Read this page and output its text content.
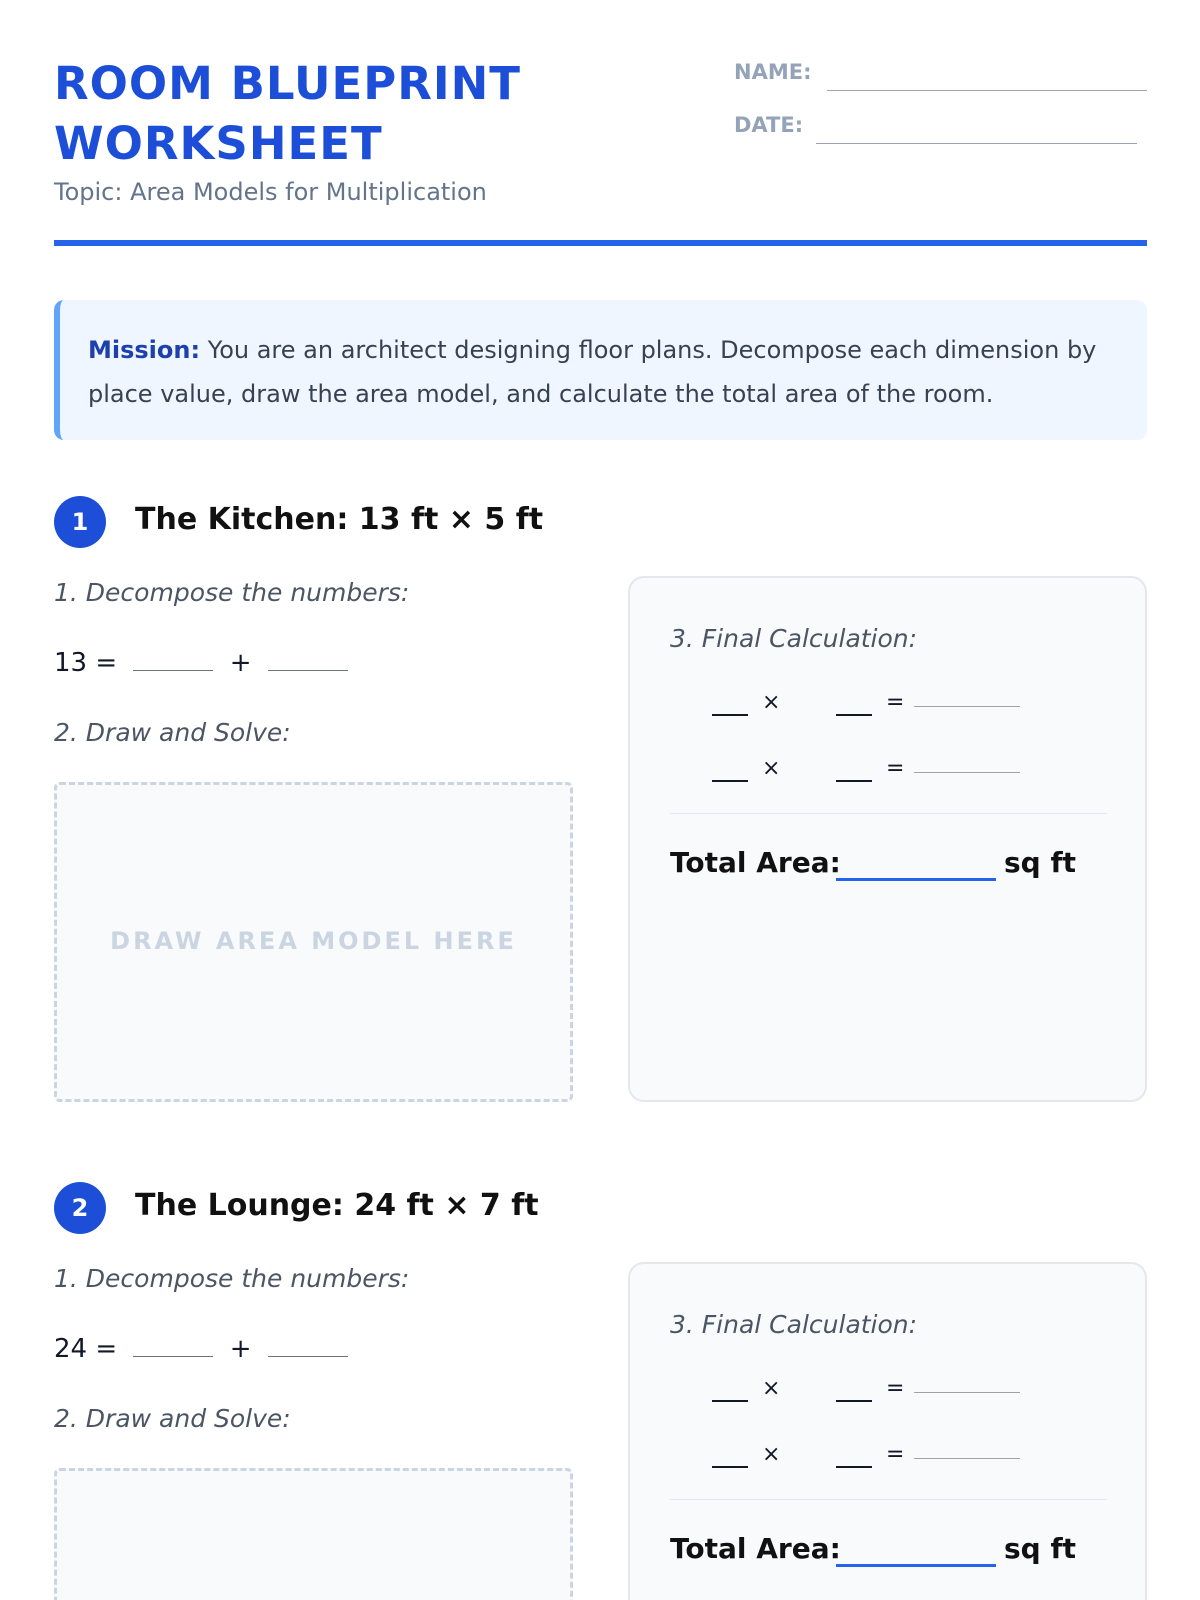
ROOM BLUEPRINT
WORKSHEET
Topic: Area Models for Multiplication
NAME:
DATE:
Mission: You are an architect designing floor plans. Decompose each dimension by place value, draw the area model, and calculate the total area of the room.
1	The Kitchen: 13 ft × 5 ft
1. Decompose the numbers:
13 =	+
2. Draw and Solve:
DRAW AREA MODEL HERE
3. Final Calculation:
×	=
×	=
Total Area:	sq ft
2	The Lounge: 24 ft × 7 ft
1. Decompose the numbers:
24 =	+
2. Draw and Solve:
3. Final Calculation:
×	=
×	=
Total Area:	sq ft
